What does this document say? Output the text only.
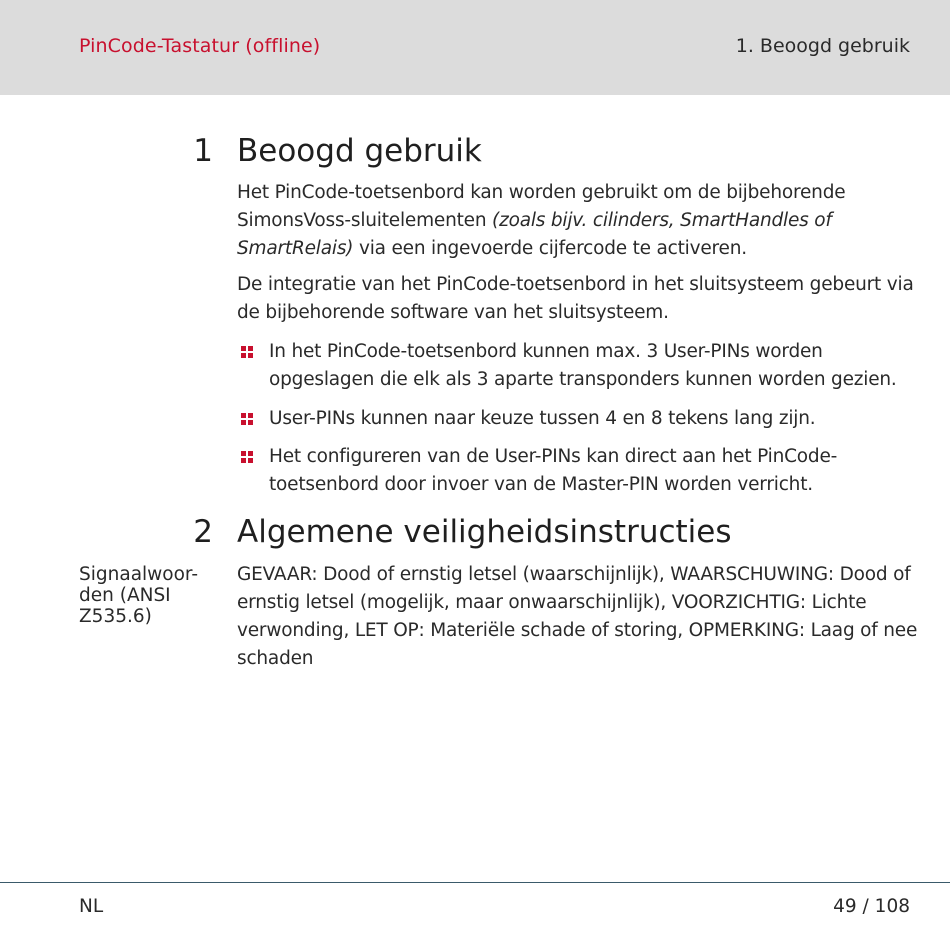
PinCode-Tastatur (offline)	1. Beoogd gebruik
1 Beoogd gebruik
Het PinCode-toetsenbord kan worden gebruikt om de bijbehorende SimonsVoss-sluitelementen (zoals bijv. cilinders, SmartHandles of SmartRelais) via een ingevoerde cijfercode te activeren.
De integratie van het PinCode-toetsenbord in het sluitsysteem gebeurt via de bijbehorende software van het sluitsysteem.
In het PinCode-toetsenbord kunnen max. 3 User-PINs worden opgeslagen die elk als 3 aparte transponders kunnen worden gezien.
User-PINs kunnen naar keuze tussen 4 en 8 tekens lang zijn.
Het configureren van de User-PINs kan direct aan het PinCode-toetsenbord door invoer van de Master-PIN worden verricht.
2 Algemene veiligheidsinstructies
Signaalwoor-den (ANSI Z535.6)
GEVAAR: Dood of ernstig letsel (waarschijnlijk), WAARSCHUWING: Dood of ernstig letsel (mogelijk, maar onwaarschijnlijk), VOORZICHTIG: Lichte verwonding, LET OP: Materiële schade of storing, OPMERKING: Laag of nee schaden
NL	49 / 108
